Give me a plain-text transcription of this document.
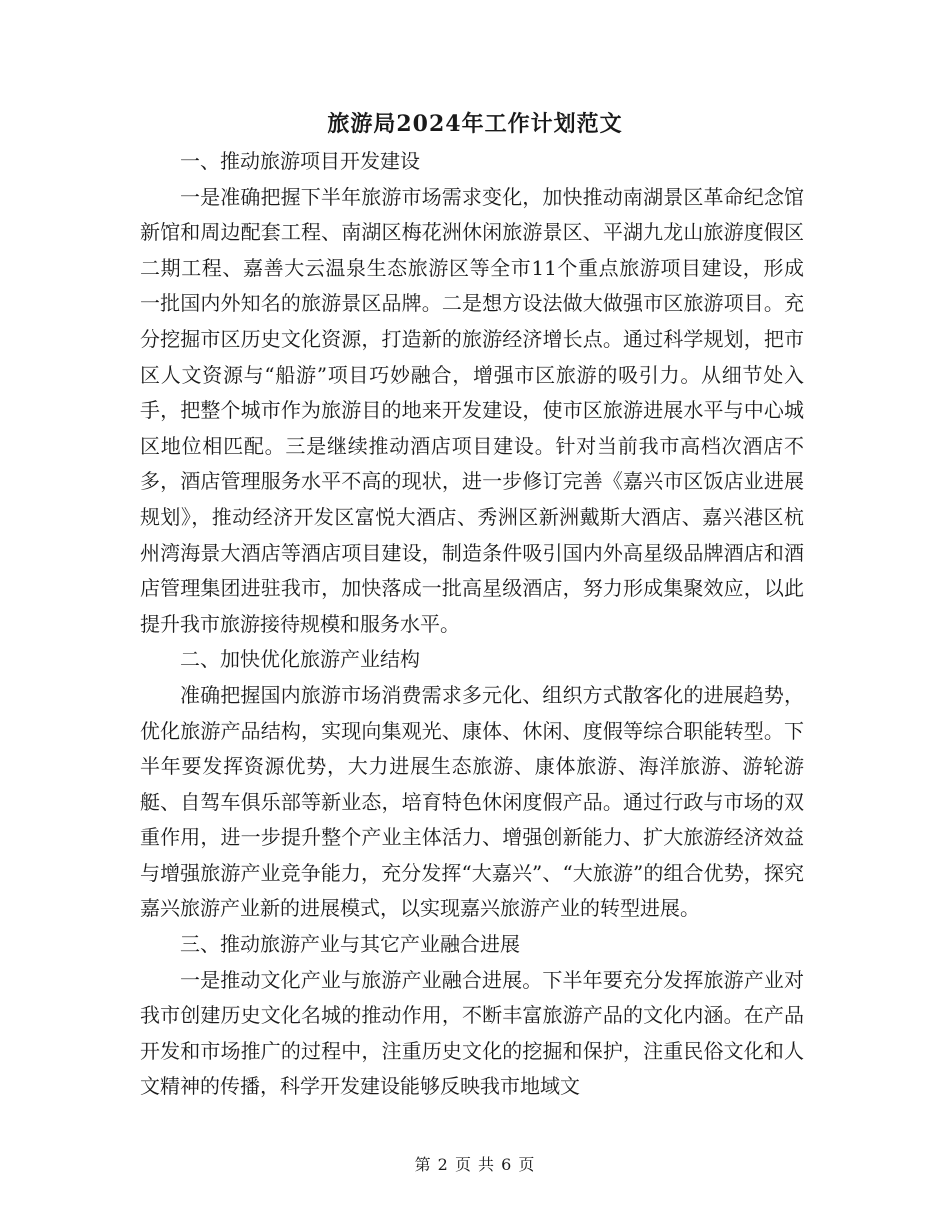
旅游局2024年工作计划范文

一、推动旅游项目开发建设

一是准确把握下半年旅游市场需求变化，加快推动南湖景区革命纪念馆新馆和周边配套工程、南湖区梅花洲休闲旅游景区、平湖九龙山旅游度假区二期工程、嘉善大云温泉生态旅游区等全市11个重点旅游项目建设，形成一批国内外知名的旅游景区品牌。二是想方设法做大做强市区旅游项目。充分挖掘市区历史文化资源，打造新的旅游经济增长点。通过科学规划，把市区人文资源与“船游”项目巧妙融合，增强市区旅游的吸引力。从细节处入手，把整个城市作为旅游目的地来开发建设，使市区旅游进展水平与中心城区地位相匹配。三是继续推动酒店项目建设。针对当前我市高档次酒店不多，酒店管理服务水平不高的现状，进一步修订完善《嘉兴市区饭店业进展规划》，推动经济开发区富悦大酒店、秀洲区新洲戴斯大酒店、嘉兴港区杭州湾海景大酒店等酒店项目建设，制造条件吸引国内外高星级品牌酒店和酒店管理集团进驻我市，加快落成一批高星级酒店，努力形成集聚效应，以此提升我市旅游接待规模和服务水平。

二、加快优化旅游产业结构

准确把握国内旅游市场消费需求多元化、组织方式散客化的进展趋势，优化旅游产品结构，实现向集观光、康体、休闲、度假等综合职能转型。下半年要发挥资源优势，大力进展生态旅游、康体旅游、海洋旅游、游轮游艇、自驾车俱乐部等新业态，培育特色休闲度假产品。通过行政与市场的双重作用，进一步提升整个产业主体活力、增强创新能力、扩大旅游经济效益与增强旅游产业竞争能力，充分发挥“大嘉兴”、“大旅游”的组合优势，探究嘉兴旅游产业新的进展模式，以实现嘉兴旅游产业的转型进展。

三、推动旅游产业与其它产业融合进展

一是推动文化产业与旅游产业融合进展。下半年要充分发挥旅游产业对我市创建历史文化名城的推动作用，不断丰富旅游产品的文化内涵。在产品开发和市场推广的过程中，注重历史文化的挖掘和保护，注重民俗文化和人文精神的传播，科学开发建设能够反映我市地域文

第 2 页 共 6 页
